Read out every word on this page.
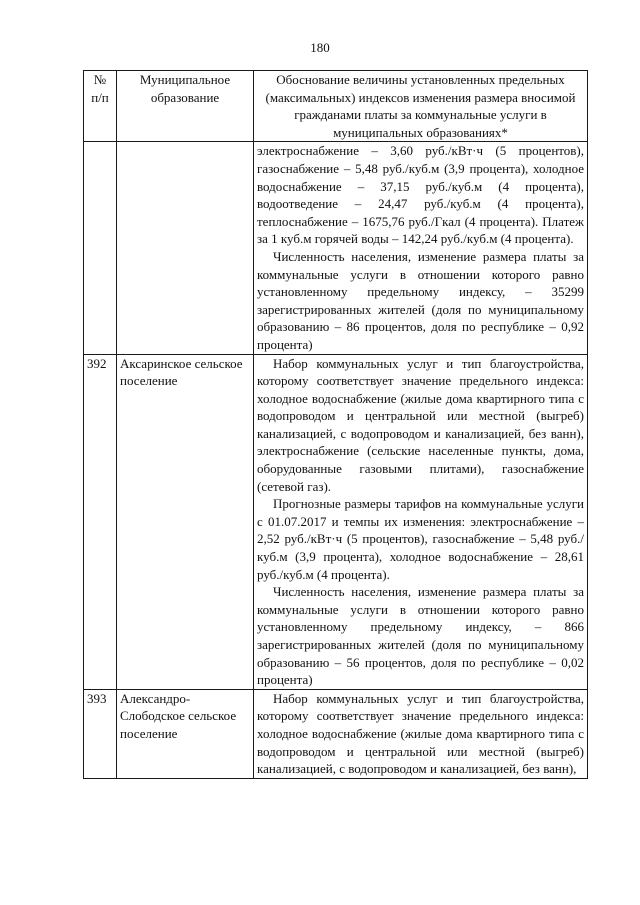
180
№ п/п	Муниципальное образование	Обоснование величины установленных предельных (максимальных) индексов изменения размера вносимой гражданами платы за коммунальные услуги в муниципальных образованиях*

		электроснабжение – 3,60 руб./кВт·ч (5 процентов), газоснабжение – 5,48 руб./куб.м (3,9 процента), холодное водоснабжение – 37,15 руб./куб.м (4 процента), водоотведение – 24,47 руб./куб.м (4 процента), теплоснабжение – 1675,76 руб./Гкал (4 процента). Платеж за 1 куб.м горячей воды – 142,24 руб./куб.м (4 процента).

Численность населения, изменение размера платы за коммунальные услуги в отношении которого равно установленному предельному индексу, – 35299 зарегистрированных жителей (доля по муниципальному образованию – 86 процентов, доля по республике – 0,92 процента)

392	Аксаринское сельское поселение	Набор коммунальных услуг и тип благоустройства, которому соответствует значение предельного индекса: холодное водоснабжение (жилые дома квартирного типа с водопроводом и центральной или местной (выгреб) канализацией, с водопроводом и канализацией, без ванн), электроснабжение (сельские населенные пункты, дома, оборудованные газовыми плитами), газоснабжение (сетевой газ).

Прогнозные размеры тарифов на коммунальные услуги с 01.07.2017 и темпы их изменения: электроснабжение – 2,52 руб./кВт·ч (5 процентов), газоснабжение – 5,48 руб./куб.м (3,9 процента), холодное водоснабжение – 28,61 руб./куб.м (4 процента).

Численность населения, изменение размера платы за коммунальные услуги в отношении которого равно установленному предельному индексу, – 866 зарегистрированных жителей (доля по муниципальному образованию – 56 процентов, доля по республике – 0,02 процента)

393	Александро-Слободское сельское поселение	Набор коммунальных услуг и тип благоустройства, которому соответствует значение предельного индекса: холодное водоснабжение (жилые дома квартирного типа с водопроводом и центральной или местной (выгреб) канализацией, с водопроводом и канализацией, без ванн),
